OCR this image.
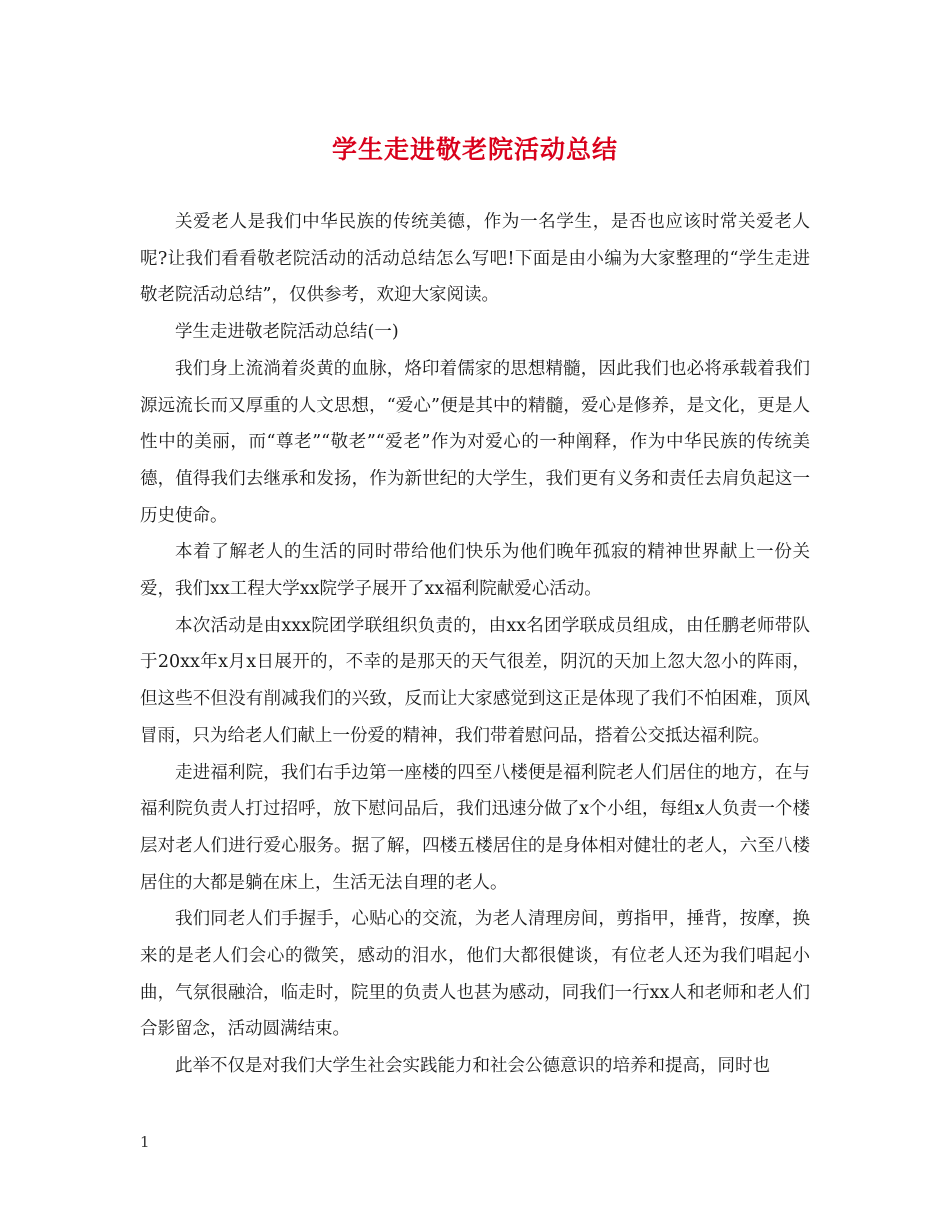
学生走进敬老院活动总结

关爱老人是我们中华民族的传统美德，作为一名学生，是否也应该时常关爱老人呢?让我们看看敬老院活动的活动总结怎么写吧!下面是由小编为大家整理的“学生走进敬老院活动总结”，仅供参考，欢迎大家阅读。

学生走进敬老院活动总结(一)

我们身上流淌着炎黄的血脉，烙印着儒家的思想精髓，因此我们也必将承载着我们源远流长而又厚重的人文思想，“爱心”便是其中的精髓，爱心是修养，是文化，更是人性中的美丽，而“尊老”“敬老”“爱老”作为对爱心的一种阐释，作为中华民族的传统美德，值得我们去继承和发扬，作为新世纪的大学生，我们更有义务和责任去肩负起这一历史使命。

本着了解老人的生活的同时带给他们快乐为他们晚年孤寂的精神世界献上一份关爱，我们xx工程大学xx院学子展开了xx福利院献爱心活动。

本次活动是由xxx院团学联组织负责的，由xx名团学联成员组成，由任鹏老师带队于20xx年x月x日展开的，不幸的是那天的天气很差，阴沉的天加上忽大忽小的阵雨，但这些不但没有削减我们的兴致，反而让大家感觉到这正是体现了我们不怕困难，顶风冒雨，只为给老人们献上一份爱的精神，我们带着慰问品，搭着公交抵达福利院。

走进福利院，我们右手边第一座楼的四至八楼便是福利院老人们居住的地方，在与福利院负责人打过招呼，放下慰问品后，我们迅速分做了x个小组，每组x人负责一个楼层对老人们进行爱心服务。据了解，四楼五楼居住的是身体相对健壮的老人，六至八楼居住的大都是躺在床上，生活无法自理的老人。

我们同老人们手握手，心贴心的交流，为老人清理房间，剪指甲，捶背，按摩，换来的是老人们会心的微笑，感动的泪水，他们大都很健谈，有位老人还为我们唱起小曲，气氛很融洽，临走时，院里的负责人也甚为感动，同我们一行xx人和老师和老人们合影留念，活动圆满结束。

此举不仅是对我们大学生社会实践能力和社会公德意识的培养和提高，同时也

1
